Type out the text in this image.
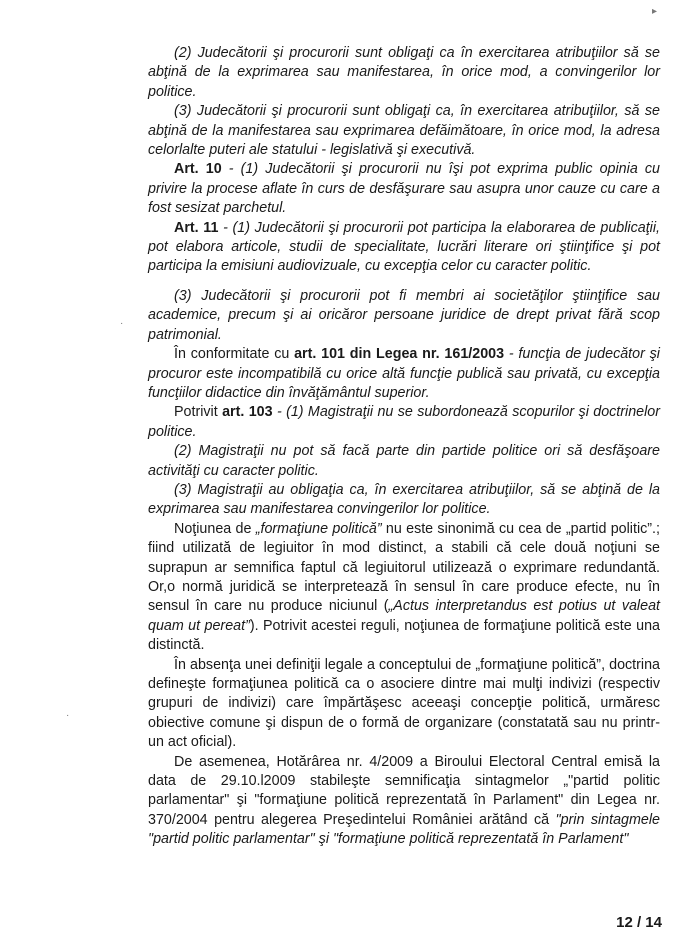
▸
·
·

(2) Judecătorii şi procurorii sunt obligaţi ca în exercitarea atribuţiilor să se abţină de la exprimarea sau manifestarea, în orice mod, a convingerilor lor politice.

(3) Judecătorii şi procurorii sunt obligaţi ca, în exercitarea atribuţiilor, să se abţină de la manifestarea sau exprimarea defăimătoare, în orice mod, la adresa celorlalte puteri ale statului - legislativă şi executivă.

Art. 10 - (1) Judecătorii şi procurorii nu îşi pot exprima public opinia cu privire la procese aflate în curs de desfăşurare sau asupra unor cauze cu care a fost sesizat parchetul.

Art. 11 - (1) Judecătorii şi procurorii pot participa la elaborarea de publicaţii, pot elabora articole, studii de specialitate, lucrări literare ori ştiinţifice şi pot participa la emisiuni audiovizuale, cu excepţia celor cu caracter politic.

(3) Judecătorii şi procurorii pot fi membri ai societăţilor ştiinţifice sau academice, precum şi ai oricăror persoane juridice de drept privat fără scop patrimonial.

În conformitate cu art. 101 din Legea nr. 161/2003 - funcţia de judecător şi procuror este incompatibilă cu orice altă funcţie publică sau privată, cu excepţia funcţiilor didactice din învăţământul superior.

Potrivit art. 103 - (1) Magistraţii nu se subordonează scopurilor şi doctrinelor politice.

(2) Magistraţii nu pot să facă parte din partide politice ori să desfăşoare activităţi cu caracter politic.

(3) Magistraţii au obligaţia ca, în exercitarea atribuţiilor, să se abţină de la exprimarea sau manifestarea convingerilor lor politice.

Noţiunea de „formaţiune politică” nu este sinonimă cu cea de „partid politic”.; fiind utilizată de legiuitor în mod distinct, a stabili că cele două noţiuni se suprapun ar semnifica faptul că legiuitorul utilizează o exprimare redundantă. Or,o normă juridică se interpretează în sensul în care produce efecte, nu în sensul în care nu produce niciunul („Actus interpretandus est potius ut valeat quam ut pereat”). Potrivit acestei reguli, noţiunea de formaţiune politică este una distinctă.

În absenţa unei definiţii legale a conceptului de „formaţiune politică”, doctrina defineşte formaţiunea politică ca o asociere dintre mai mulţi indivizi (respectiv grupuri de indivizi) care împărtăşesc aceeaşi concepţie politică, urmăresc obiective comune şi dispun de o formă de organizare (constatată sau nu printr-un act oficial).

De asemenea, Hotărârea nr. 4/2009 a Biroului Electoral Central emisă la data de 29.10.l2009 stabileşte semnificaţia sintagmelor „"partid politic parlamentar" şi "formaţiune politică reprezentată în Parlament" din Legea nr. 370/2004 pentru alegerea Preşedintelui României arătând că "prin sintagmele "partid politic parlamentar" şi "formaţiune politică reprezentată în Parlament"

12 / 14
